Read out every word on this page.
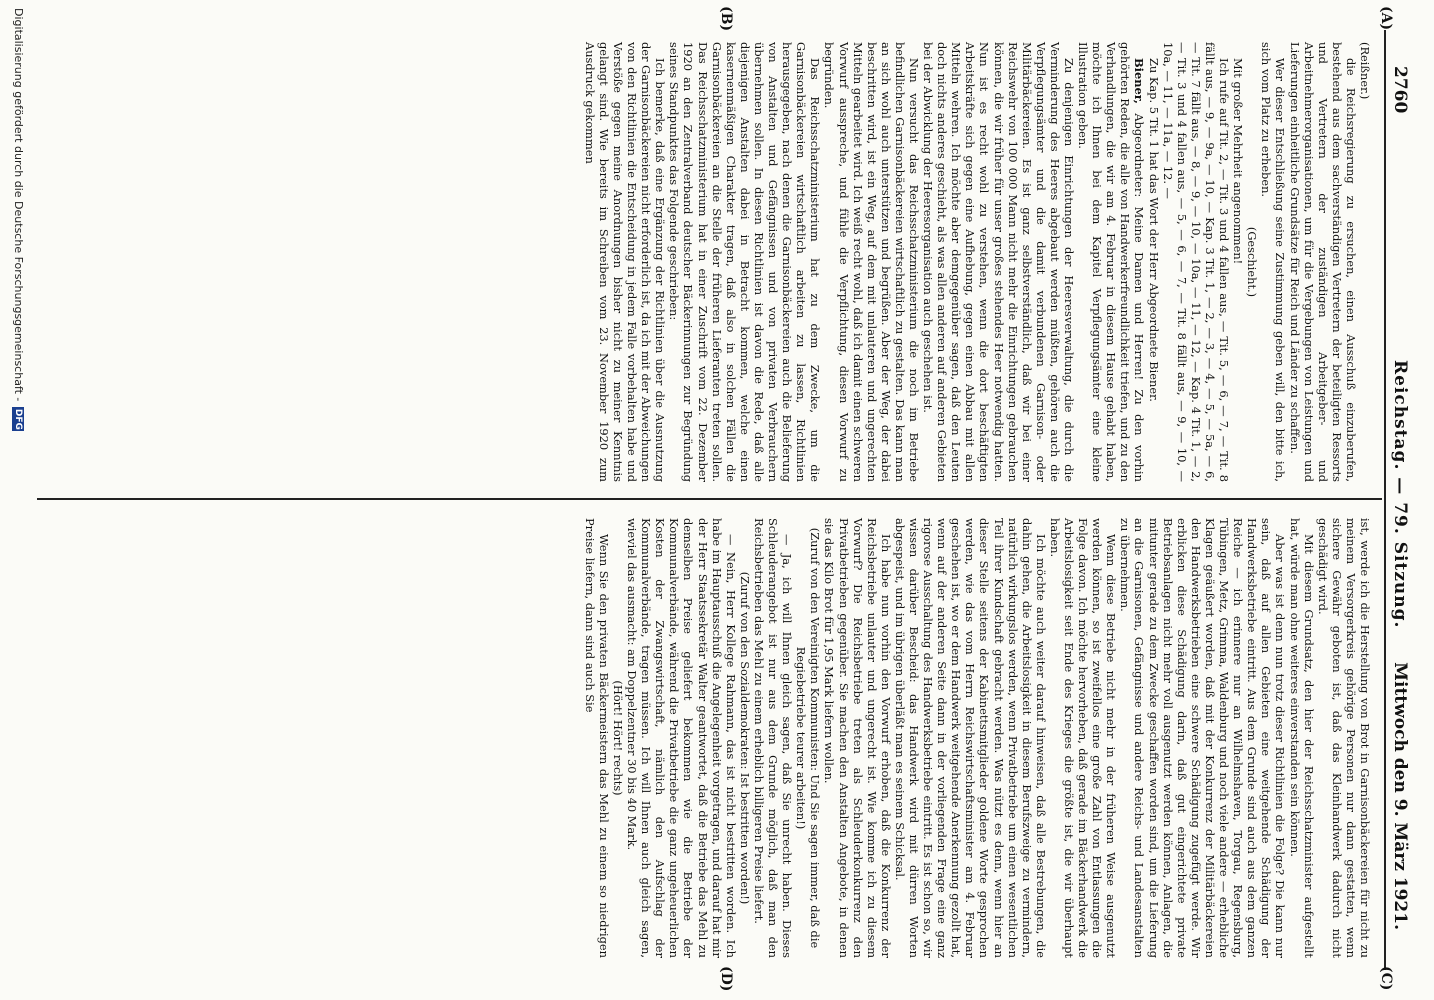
2760
Reichstag. — 79. Sitzung.
Mittwoch den 9. März 1921.
(A)
(B)
(C)
(D)

(Reißner.)

die Reichsregierung zu ersuchen, einen Ausschuß einzuberufen, bestehend aus dem sachverständigen Vertretern der beteiligten Ressorts und Vertretern der zuständigen Arbeitgeber- und Arbeitnehmerorganisationen, um für die Vergebungen von Leistungen und Lieferungen einheitliche Grundsätze für Reich und Länder zu schaffen.

Wer dieser Entschließung seine Zustimmung geben will, den bitte ich, sich vom Platz zu erheben.

(Geschieht.)

Mit großer Mehrheit angenommen!

Ich rufe auf Tit. 2, — Tit. 3 und 4 fallen aus, — Tit. 5, — 6, — 7, — Tit. 8 fällt aus, — 9, — 9a, — 10, — Kap. 3 Tit. 1, — 2, — 3, — 4, — 5, — 5a, — 6, — Tit. 7 fällt aus, — 8, — 9, — 10, — 10a, — 11, — 12, — Kap. 4 Tit. 1, — 2, — Tit. 3 und 4 fallen aus, — 5, — 6, — 7, — Tit. 8 fällt aus, — 9, — 10, — 10a, — 11, — 11a, — 12. —

Zu Kap. 5 Tit. 1 hat das Wort der Herr Abgeordnete Biener.

Biener, Abgeordneter: Meine Damen und Herren! Zu den vorhin gehörten Reden, die alle von Handwerkerfreundlichkeit triefen, und zu den Verhandlungen, die wir am 4. Februar in diesem Hause gehabt haben, möchte ich Ihnen bei dem Kapitel Verpflegungsämter eine kleine Illustration geben.

Zu denjenigen Einrichtungen der Heeresverwaltung, die durch die Verminderung des Heeres abgebaut werden müßten, gehören auch die Verpflegungsämter und die damit verbundenen Garnison- oder Militärbäckereien. Es ist ganz selbstverständlich, daß wir bei einer Reichswehr von 100 000 Mann nicht mehr die Einrichtungen gebrauchen können, die wir früher für unser großes stehendes Heer notwendig hatten. Nun ist es recht wohl zu verstehen, wenn die dort beschäftigten Arbeitskräfte sich gegen eine Aufhebung, gegen einen Abbau mit allen Mitteln wehren. Ich möchte aber demgegenüber sagen, daß den Leuten doch nichts anderes geschieht, als was allen anderen auf anderen Gebieten bei der Abwicklung der Heeresorganisation auch geschehen ist.

Nun versucht das Reichsschatzministerium die noch im Betriebe befindlichen Garnisonbäckereien wirtschaftlich zu gestalten. Das kann man an sich wohl auch unterstützen und begrüßen. Aber der Weg, der dabei beschritten wird, ist ein Weg, auf dem mit unlauteren und ungerechten Mitteln gearbeitet wird. Ich weiß recht wohl, daß ich damit einen schweren Vorwurf ausspreche, und fühle die Verpflichtung, diesen Vorwurf zu begründen.

Das Reichsschatzministerium hat zu dem Zwecke, um die Garnisonbäckereien wirtschaftlich arbeiten zu lassen, Richtlinien herausgegeben, nach denen die Garnisonbäckereien auch die Belieferung von Anstalten und Gefängnissen und von privaten Verbrauchern übernehmen sollen. In diesen Richtlinien ist davon die Rede, daß alle diejenigen Anstalten dabei in Betracht kommen, welche einen kasernenmäßigen Charakter tragen, daß also in solchen Fällen die Garnisonbäckereien an die Stelle der früheren Lieferanten treten sollen. Das Reichsschatzministerium hat in einer Zuschrift vom 22. Dezember 1920 an den Zentralverband deutscher Bäckerinnungen zur Begründung seines Standpunktes das Folgende geschrieben:

Ich bemerke, daß eine Ergänzung der Richtlinien über die Ausnutzung der Garnisonbäckereien nicht erforderlich ist, da ich mit der Abweichungen von den Richtlinien die Entscheidung in jedem Falle vorbehalten habe und Verstöße gegen meine Anordnungen bisher nicht zu meiner Kenntnis gelangt sind. Wie bereits im Schreiben vom 23. November 1920 zum Ausdruck gekommen

ist, werde ich die Herstellung von Brot in Garnisonbäckereien für nicht zu meinem Versorgerkreis gehörige Personen nur dann gestatten, wenn sichere Gewähr geboten ist, daß das Kleinhandwerk dadurch nicht geschädigt wird.

Mit diesem Grundsatz, den hier der Reichsschatzminister aufgestellt hat, würde man ohne weiteres einverstanden sein können.

Aber was ist denn nun trotz dieser Richtlinien die Folge? Die kann nur sein, daß auf allen Gebieten eine weitgehende Schädigung der Handwerksbetriebe eintritt. Aus dem Grunde sind auch aus dem ganzen Reiche — ich erinnere nur an Wilhelmshaven, Torgau, Regensburg, Tübingen, Metz, Grimma, Waldenburg und noch viele andere — erhebliche Klagen geäußert worden, daß mit der Konkurrenz der Militärbäckereien den Handwerksbetrieben eine schwere Schädigung zugefügt werde. Wir erblicken diese Schädigung darin, daß gut eingerichtete private Betriebsanlagen nicht mehr voll ausgenutzt werden können, Anlagen, die mitunter gerade zu dem Zwecke geschaffen worden sind, um die Lieferung an die Garnisonen, Gefängnisse und andere Reichs- und Landesanstalten zu übernehmen.

Wenn diese Betriebe nicht mehr in der früheren Weise ausgenutzt werden können, so ist zweifellos eine große Zahl von Entlassungen die Folge davon. Ich möchte hervorheben, daß gerade im Bäckerhandwerk die Arbeitslosigkeit seit Ende des Krieges die größte ist, die wir überhaupt haben.

Ich möchte auch weiter darauf hinweisen, daß alle Bestrebungen, die dahin gehen, die Arbeitslosigkeit in diesem Berufszweige zu vermindern, natürlich wirkungslos werden, wenn Privatbetriebe um einen wesentlichen Teil ihrer Kundschaft gebracht werden. Was nützt es denn, wenn hier an dieser Stelle seitens der Kabinettsmitglieder goldene Worte gesprochen werden, wie das vom Herrn Reichswirtschaftsminister am 4. Februar geschehen ist, wo er dem Handwerk weitgehende Anerkennung gezollt hat, wenn auf der anderen Seite dann in der vorliegenden Frage eine ganz rigorose Ausschaltung des Handwerksbetriebe eintritt. Es ist schon so, wir wissen darüber Bescheid: das Handwerk wird mit dürren Worten abgespeist, und im übrigen überläßt man es seinem Schicksal.

Ich habe nun vorhin den Vorwurf erhoben, daß die Konkurrenz der Reichsbetriebe unlauter und ungerecht ist. Wie komme ich zu diesem Vorwurf? Die Reichsbetriebe treten als Schleuderkonkurrenz den Privatbetrieben gegenüber. Sie machen den Anstalten Angebote, in denen sie das Kilo Brot für 1,95 Mark liefern wollen.

(Zuruf von den Vereinigten Kommunisten: Und Sie sagen immer, daß die Regiebetriebe teurer arbeiten!)

— Ja, ich will Ihnen gleich sagen, daß Sie unrecht haben. Dieses Schleuderangebot ist nur aus dem Grunde möglich, daß man den Reichsbetrieben das Mehl zu einem erheblich billigeren Preise liefert.

(Zuruf von den Sozialdemokraten: Ist bestritten worden!)

— Nein, Herr Kollege Rahmann, das ist nicht bestritten worden. Ich habe im Hauptausschuß die Angelegenheit vorgetragen, und darauf hat mir der Herr Staatssekretär Walter geantwortet, daß die Betriebe das Mehl zu demselben Preise geliefert bekommen wie die Betriebe der Kommunalverbände, während die Privatbetriebe die ganz ungeheuerlichen Kosten der Zwangswirtschaft, nämlich den Aufschlag der Kommunalverbände, tragen müssen. Ich will Ihnen auch gleich sagen, wieviel das ausmacht: am Doppelzentner 30 bis 40 Mark.

(Hört! Hört! rechts)

Wenn Sie den privaten Bäckermeistern das Mehl zu einem so niedrigen Preise liefern, dann sind auch Sie

Digitalisierung gefördert durch die Deutsche Forschungsgemeinschaft -DFG
